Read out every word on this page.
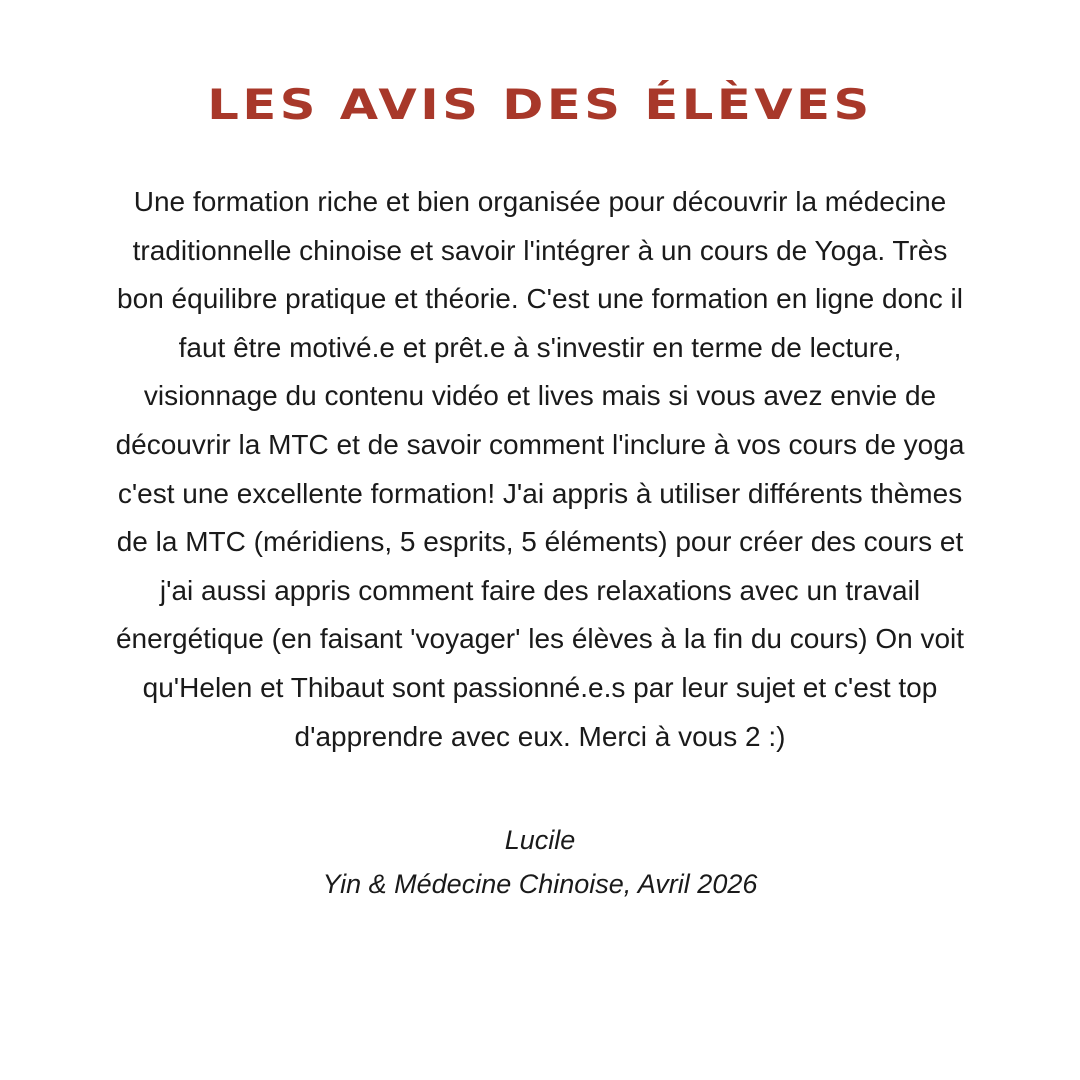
LES AVIS DES ÉLÈVES
Une formation riche et bien organisée pour découvrir la médecine
traditionnelle chinoise et savoir l'intégrer à un cours de Yoga. Très
bon équilibre pratique et théorie. C'est une formation en ligne donc il
faut être motivé.e et prêt.e à s'investir en terme de lecture,
visionnage du contenu vidéo et lives mais si vous avez envie de
découvrir la MTC et de savoir comment l'inclure à vos cours de yoga
c'est une excellente formation! J'ai appris à utiliser différents thèmes
de la MTC (méridiens, 5 esprits, 5 éléments) pour créer des cours et
j'ai aussi appris comment faire des relaxations avec un travail
énergétique (en faisant 'voyager' les élèves à la fin du cours) On voit
qu'Helen et Thibaut sont passionné.e.s par leur sujet et c'est top
d'apprendre avec eux. Merci à vous 2 :)
Lucile
Yin & Médecine Chinoise, Avril 2026
